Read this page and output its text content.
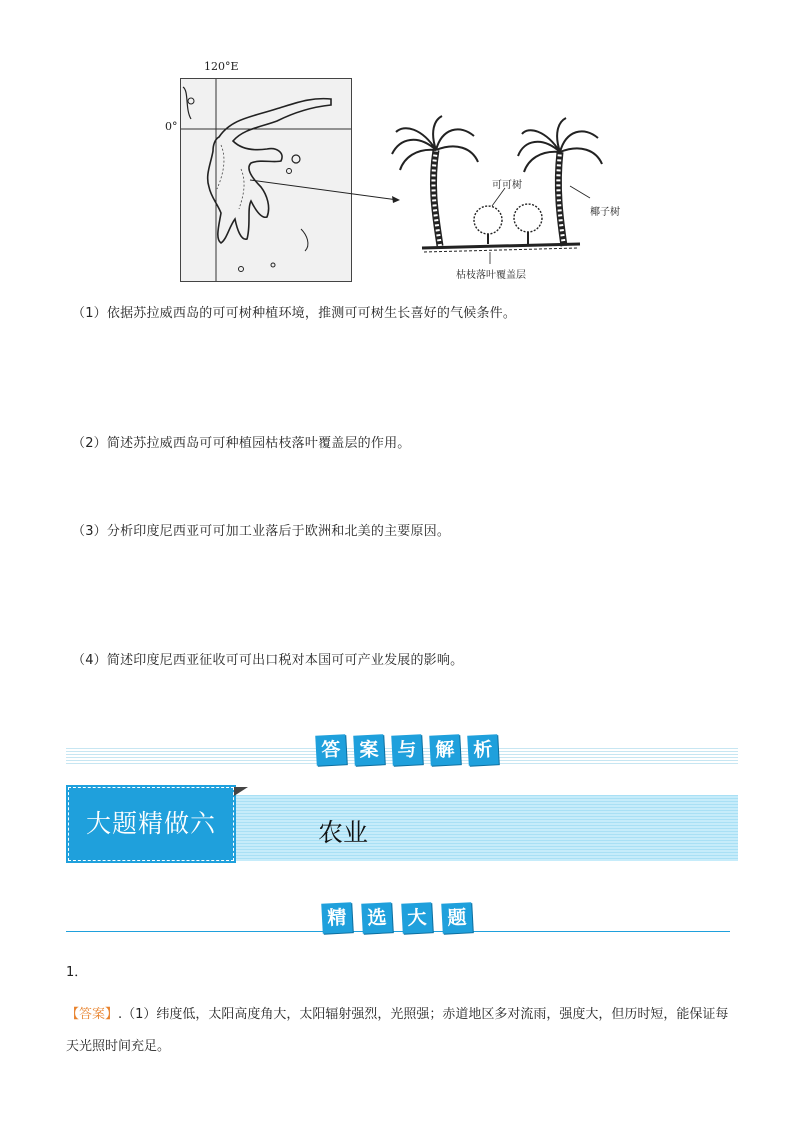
120°E
0°
可可树
椰子树
枯枝落叶覆盖层
（1）依据苏拉威西岛的可可树种植环境，推测可可树生长喜好的气候条件。
（2）简述苏拉威西岛可可种植园枯枝落叶覆盖层的作用。
（3）分析印度尼西亚可可加工业落后于欧洲和北美的主要原因。
（4）简述印度尼西亚征收可可出口税对本国可可产业发展的影响。
答 案 与 解 析
大题精做六	农业
精	选	大	题
1．
【答案】.（1）纬度低，太阳高度角大，太阳辐射强烈，光照强；赤道地区多对流雨，强度大，但历时短，能保证每天光照时间充足。
